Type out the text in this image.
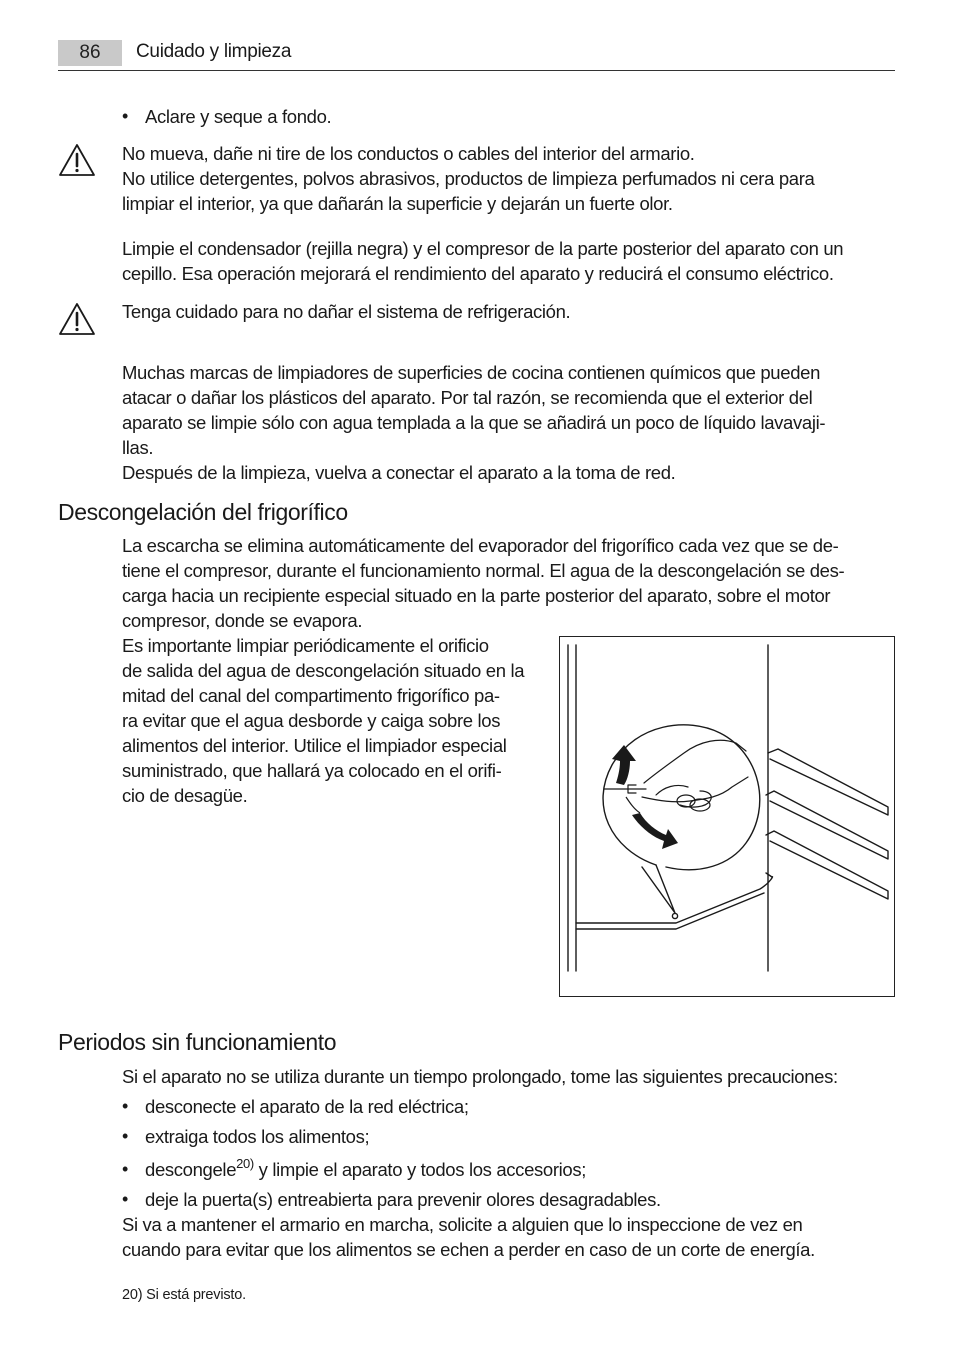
86	Cuidado y limpieza
• Aclare y seque a fondo.
No mueva, dañe ni tire de los conductos o cables del interior del armario.
No utilice detergentes, polvos abrasivos, productos de limpieza perfumados ni cera para
limpiar el interior, ya que dañarán la superficie y dejarán un fuerte olor.
Limpie el condensador (rejilla negra) y el compresor de la parte posterior del aparato con un
cepillo. Esa operación mejorará el rendimiento del aparato y reducirá el consumo eléctrico.
Tenga cuidado para no dañar el sistema de refrigeración.
Muchas marcas de limpiadores de superficies de cocina contienen químicos que pueden
atacar o dañar los plásticos del aparato. Por tal razón, se recomienda que el exterior del
aparato se limpie sólo con agua templada a la que se añadirá un poco de líquido lavavaji-
llas.
Después de la limpieza, vuelva a conectar el aparato a la toma de red.
Descongelación del frigorífico
La escarcha se elimina automáticamente del evaporador del frigorífico cada vez que se de-
tiene el compresor, durante el funcionamiento normal. El agua de la descongelación se des-
carga hacia un recipiente especial situado en la parte posterior del aparato, sobre el motor
compresor, donde se evapora.
Es importante limpiar periódicamente el orificio
de salida del agua de descongelación situado en la
mitad del canal del compartimento frigorífico pa-
ra evitar que el agua desborde y caiga sobre los
alimentos del interior. Utilice el limpiador especial
suministrado, que hallará ya colocado en el orifi-
cio de desagüe.
Periodos sin funcionamiento
Si el aparato no se utiliza durante un tiempo prolongado, tome las siguientes precauciones:
• desconecte el aparato de la red eléctrica;
• extraiga todos los alimentos;
• descongele$^{20)}$ y limpie el aparato y todos los accesorios;
• deje la puerta(s) entreabierta para prevenir olores desagradables.
Si va a mantener el armario en marcha, solicite a alguien que lo inspeccione de vez en
cuando para evitar que los alimentos se echen a perder en caso de un corte de energía.
20) Si está previsto.
